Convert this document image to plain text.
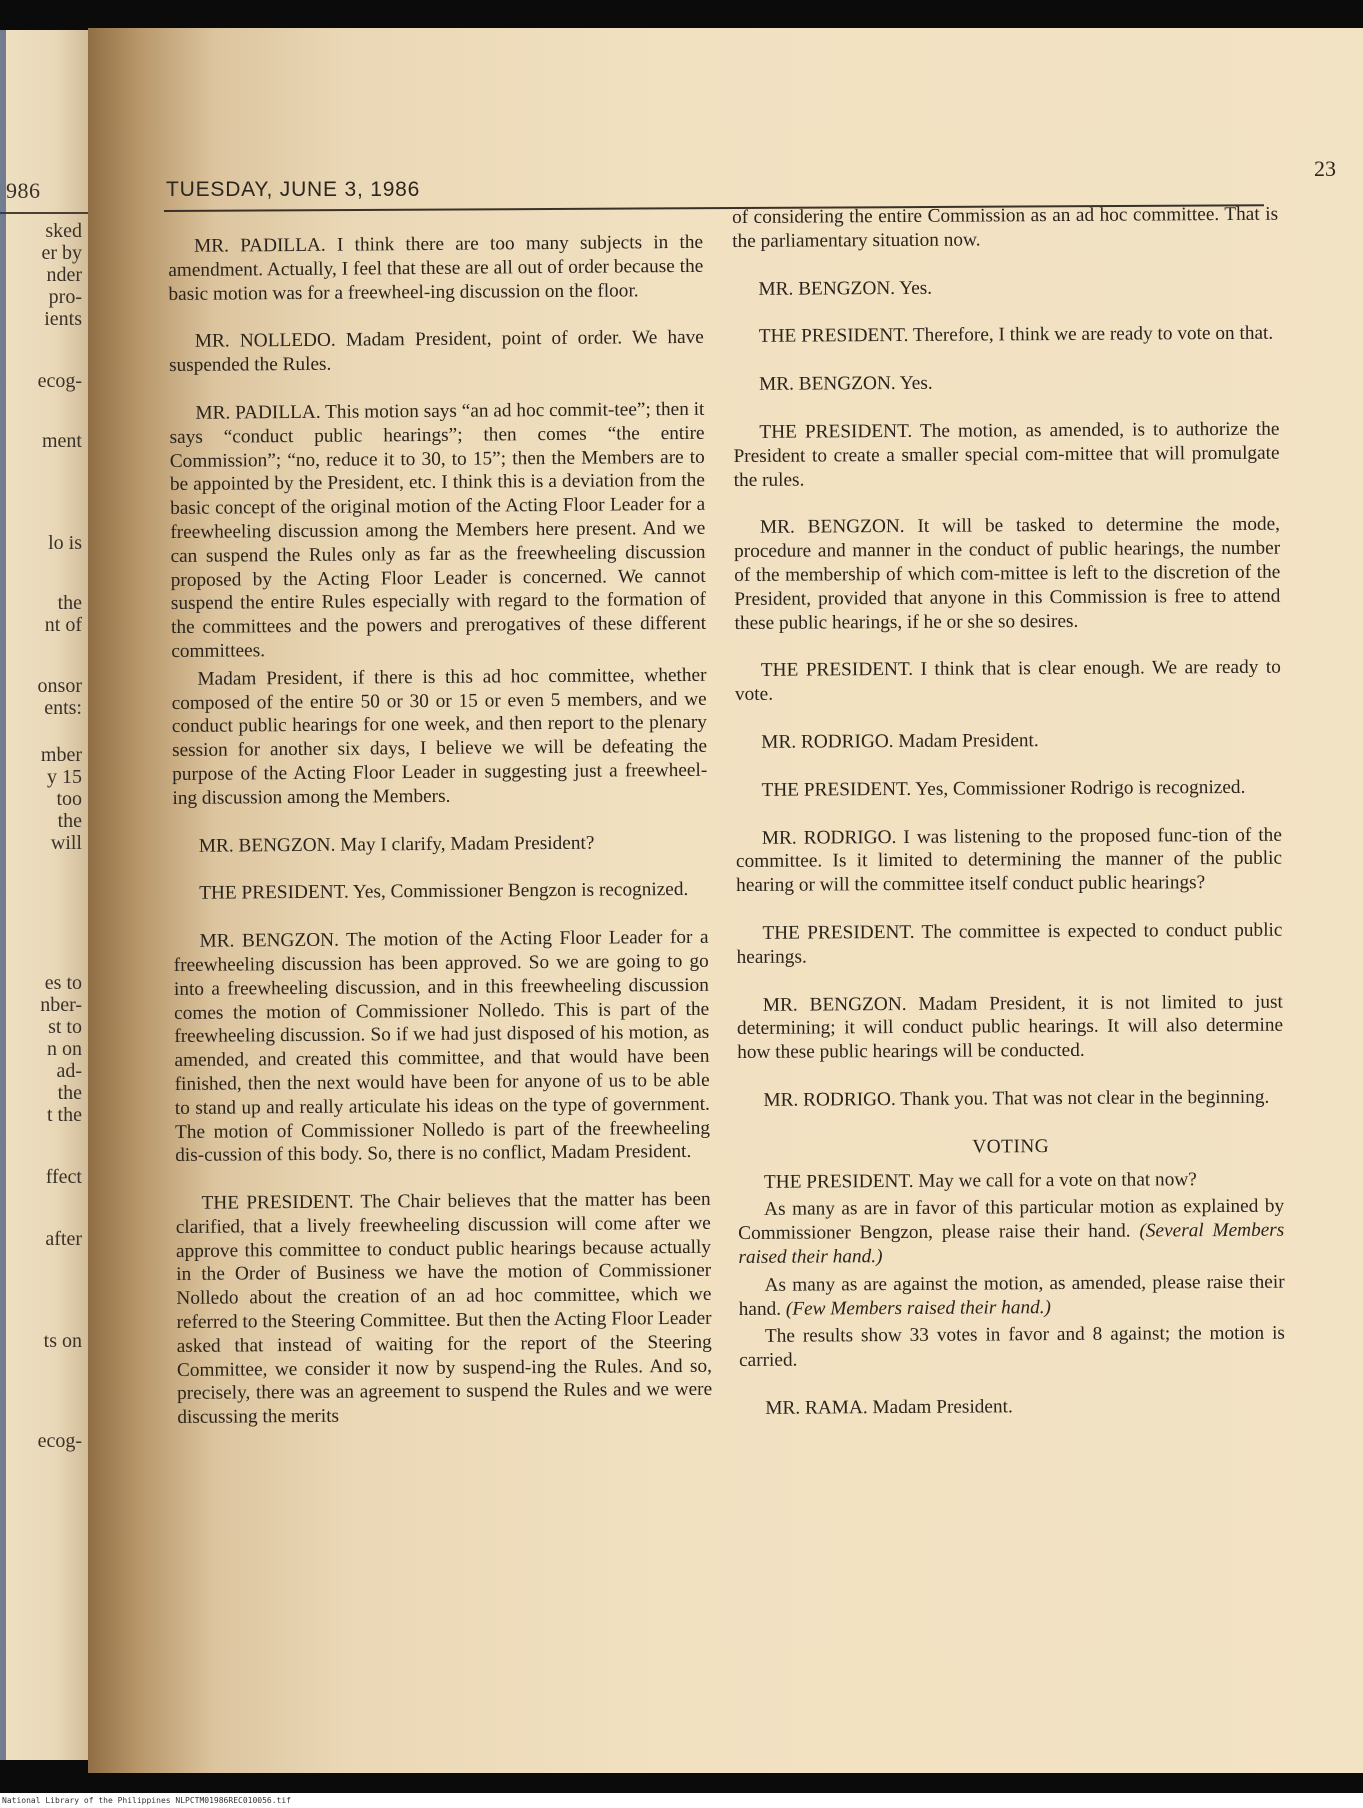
986
sked
er by
nder
pro-
ients
ecog-
ment
lo is
the
nt of
onsor
ents:
mber
y 15
too
the
will
es to
nber-
st to
n on
ad-
the
t the
ffect
after
ts on
ecog-
TUESDAY, JUNE 3, 1986
23

MR. PADILLA. I think there are too many subjects in the amendment. Actually, I feel that these are all out of order because the basic motion was for a freewheel-ing discussion on the floor.

MR. NOLLEDO. Madam President, point of order. We have suspended the Rules.

MR. PADILLA. This motion says “an ad hoc commit-tee”; then it says “conduct public hearings”; then comes “the entire Commission”; “no, reduce it to 30, to 15”; then the Members are to be appointed by the President, etc. I think this is a deviation from the basic concept of the original motion of the Acting Floor Leader for a freewheeling discussion among the Members here present. And we can suspend the Rules only as far as the freewheeling discussion proposed by the Acting Floor Leader is concerned. We cannot suspend the entire Rules especially with regard to the formation of the committees and the powers and prerogatives of these different committees.

Madam President, if there is this ad hoc committee, whether composed of the entire 50 or 30 or 15 or even 5 members, and we conduct public hearings for one week, and then report to the plenary session for another six days, I believe we will be defeating the purpose of the Acting Floor Leader in suggesting just a freewheel-ing discussion among the Members.

MR. BENGZON. May I clarify, Madam President?

THE PRESIDENT. Yes, Commissioner Bengzon is recognized.

MR. BENGZON. The motion of the Acting Floor Leader for a freewheeling discussion has been approved. So we are going to go into a freewheeling discussion, and in this freewheeling discussion comes the motion of Commissioner Nolledo. This is part of the freewheeling discussion. So if we had just disposed of his motion, as amended, and created this committee, and that would have been finished, then the next would have been for anyone of us to be able to stand up and really articulate his ideas on the type of government. The motion of Commissioner Nolledo is part of the freewheeling dis-cussion of this body. So, there is no conflict, Madam President.

THE PRESIDENT. The Chair believes that the matter has been clarified, that a lively freewheeling discussion will come after we approve this committee to conduct public hearings because actually in the Order of Business we have the motion of Commissioner Nolledo about the creation of an ad hoc committee, which we referred to the Steering Committee. But then the Acting Floor Leader asked that instead of waiting for the report of the Steering Committee, we consider it now by suspend-ing the Rules. And so, precisely, there was an agreement to suspend the Rules and we were discussing the merits

of considering the entire Commission as an ad hoc committee. That is the parliamentary situation now.

MR. BENGZON. Yes.

THE PRESIDENT. Therefore, I think we are ready to vote on that.

MR. BENGZON. Yes.

THE PRESIDENT. The motion, as amended, is to authorize the President to create a smaller special com-mittee that will promulgate the rules.

MR. BENGZON. It will be tasked to determine the mode, procedure and manner in the conduct of public hearings, the number of the membership of which com-mittee is left to the discretion of the President, provided that anyone in this Commission is free to attend these public hearings, if he or she so desires.

THE PRESIDENT. I think that is clear enough. We are ready to vote.

MR. RODRIGO. Madam President.

THE PRESIDENT. Yes, Commissioner Rodrigo is recognized.

MR. RODRIGO. I was listening to the proposed func-tion of the committee. Is it limited to determining the manner of the public hearing or will the committee itself conduct public hearings?

THE PRESIDENT. The committee is expected to conduct public hearings.

MR. BENGZON. Madam President, it is not limited to just determining; it will conduct public hearings. It will also determine how these public hearings will be conducted.

MR. RODRIGO. Thank you. That was not clear in the beginning.

VOTING

THE PRESIDENT. May we call for a vote on that now?

As many as are in favor of this particular motion as explained by Commissioner Bengzon, please raise their hand. (Several Members raised their hand.)

As many as are against the motion, as amended, please raise their hand. (Few Members raised their hand.)

The results show 33 votes in favor and 8 against; the motion is carried.

MR. RAMA. Madam President.

National Library of the Philippines NLPCTM01986REC010056.tif
